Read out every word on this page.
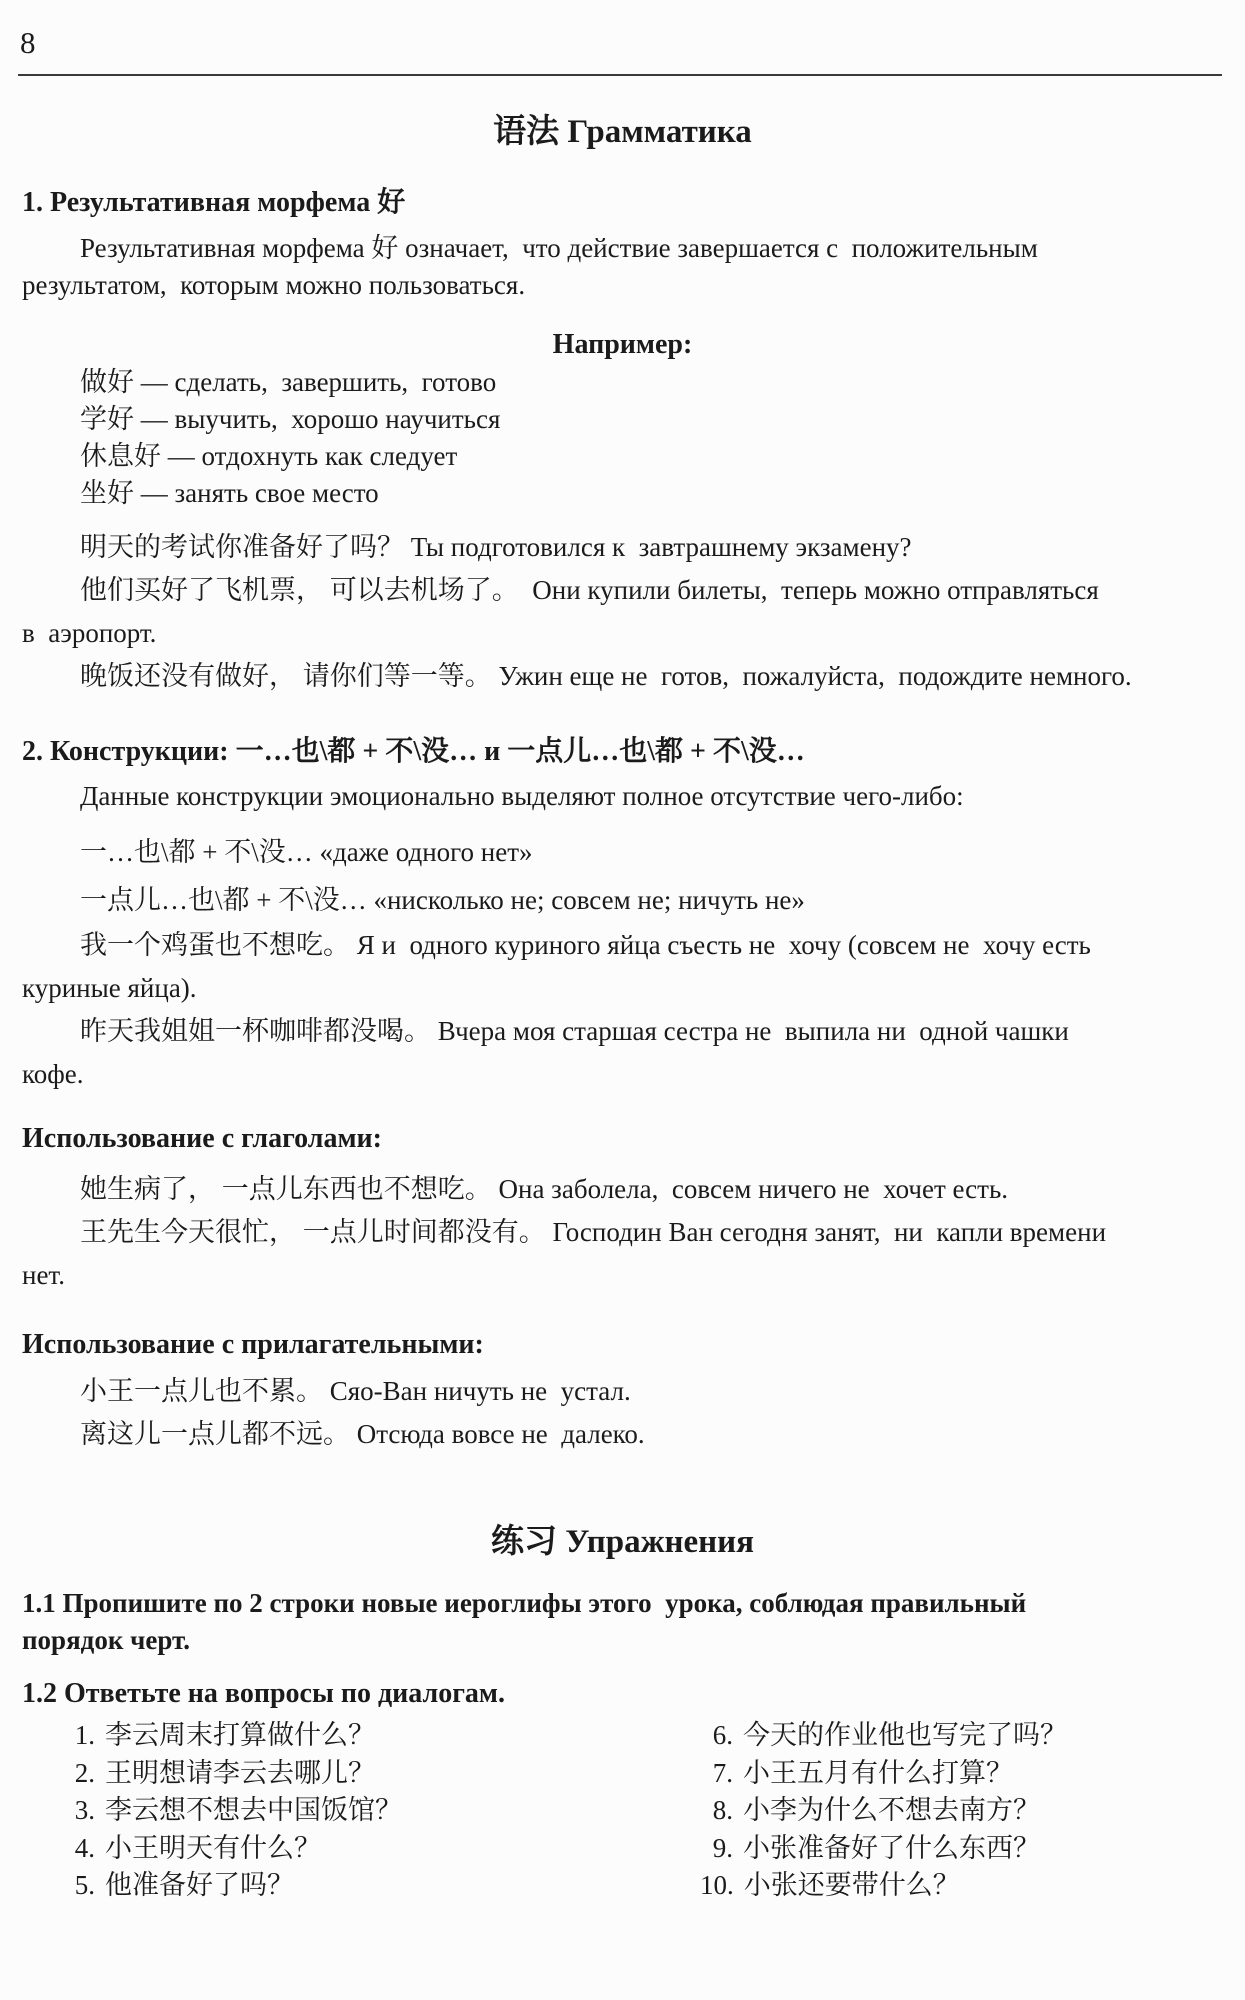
8
语法 Грамматика
1. Результативная морфема 好
Результативная морфема 好 означает,  что действие завершается с  положительным
результатом,  которым можно пользоваться.
Например:
做好 — сделать,  завершить,  готово
学好 — выучить,  хорошо научиться
休息好 — отдохнуть как следует
坐好 — занять свое место
明天的考试你准备好了吗？ Ты подготовился к  завтрашнему экзамену?
他们买好了飞机票， 可以去机场了。  Они купили билеты,  теперь можно отправляться
в  аэропорт.
晚饭还没有做好， 请你们等一等。 Ужин еще не  готов,  пожалуйста,  подождите немного.
2. Конструкции: 一…也\都 + 不\没… и 一点儿…也\都 + 不\没…
Данные конструкции эмоционально выделяют полное отсутствие чего-либо:
一…也\都 + 不\没… «даже одного нет»
一点儿…也\都 + 不\没… «нисколько не; совсем не; ничуть не»
我一个鸡蛋也不想吃。 Я и  одного куриного яйца съесть не  хочу (совсем не  хочу есть
куриные яйца).
昨天我姐姐一杯咖啡都没喝。 Вчера моя старшая сестра не  выпила ни  одной чашки
кофе.
Использование с глаголами:
她生病了， 一点儿东西也不想吃。 Она заболела,  совсем ничего не  хочет есть.
王先生今天很忙， 一点儿时间都没有。 Господин Ван сегодня занят,  ни  капли времени
нет.
Использование с прилагательными:
小王一点儿也不累。 Сяо-Ван ничуть не  устал.
离这儿一点儿都不远。 Отсюда вовсе не  далеко.
练习 Упражнения
1.1 Пропишите по 2 строки новые иероглифы этого  урока, соблюдая правильный
порядок черт.
1.2 Ответьте на вопросы по диалогам.
1. 李云周末打算做什么？
2. 王明想请李云去哪儿？
3. 李云想不想去中国饭馆？
4. 小王明天有什么？
5. 他准备好了吗？
6. 今天的作业他也写完了吗？
7. 小王五月有什么打算？
8. 小李为什么不想去南方？
9. 小张准备好了什么东西？
10. 小张还要带什么？
